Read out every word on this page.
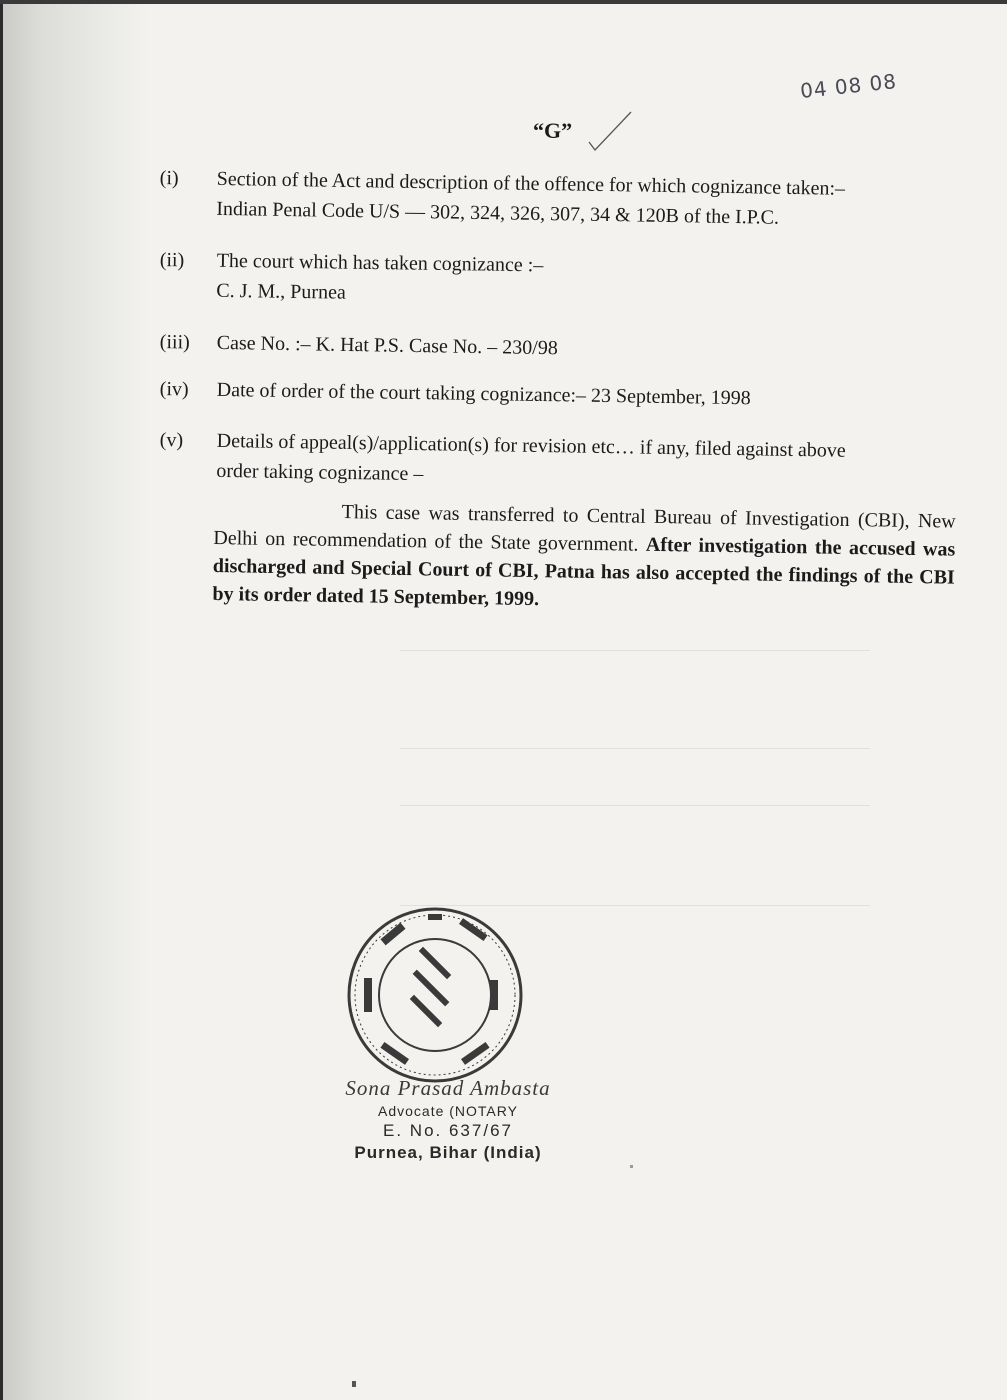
04 08 08
“G”
(i)	Section of the Act and description of the offence for which cognizance taken:–
Indian Penal Code U/S — 302, 324, 326, 307, 34 & 120B of the I.P.C.
(ii)	The court which has taken cognizance :–
C. J. M., Purnea
(iii)	Case No. :– K. Hat P.S. Case No. – 230/98
(iv)	Date of order of the court taking cognizance:– 23 September, 1998
(v)	Details of appeal(s)/application(s) for revision etc… if any, filed against above
order taking cognizance –
This case was transferred to Central Bureau of Investigation (CBI), New Delhi on recommendation of the State government. After investigation the accused was discharged and Special Court of CBI, Patna has also accepted the findings of the CBI by its order dated 15 September, 1999.
Sona Prasad Ambasta
Advocate (NOTARY
E. No. 637/67
Purnea, Bihar (India)
